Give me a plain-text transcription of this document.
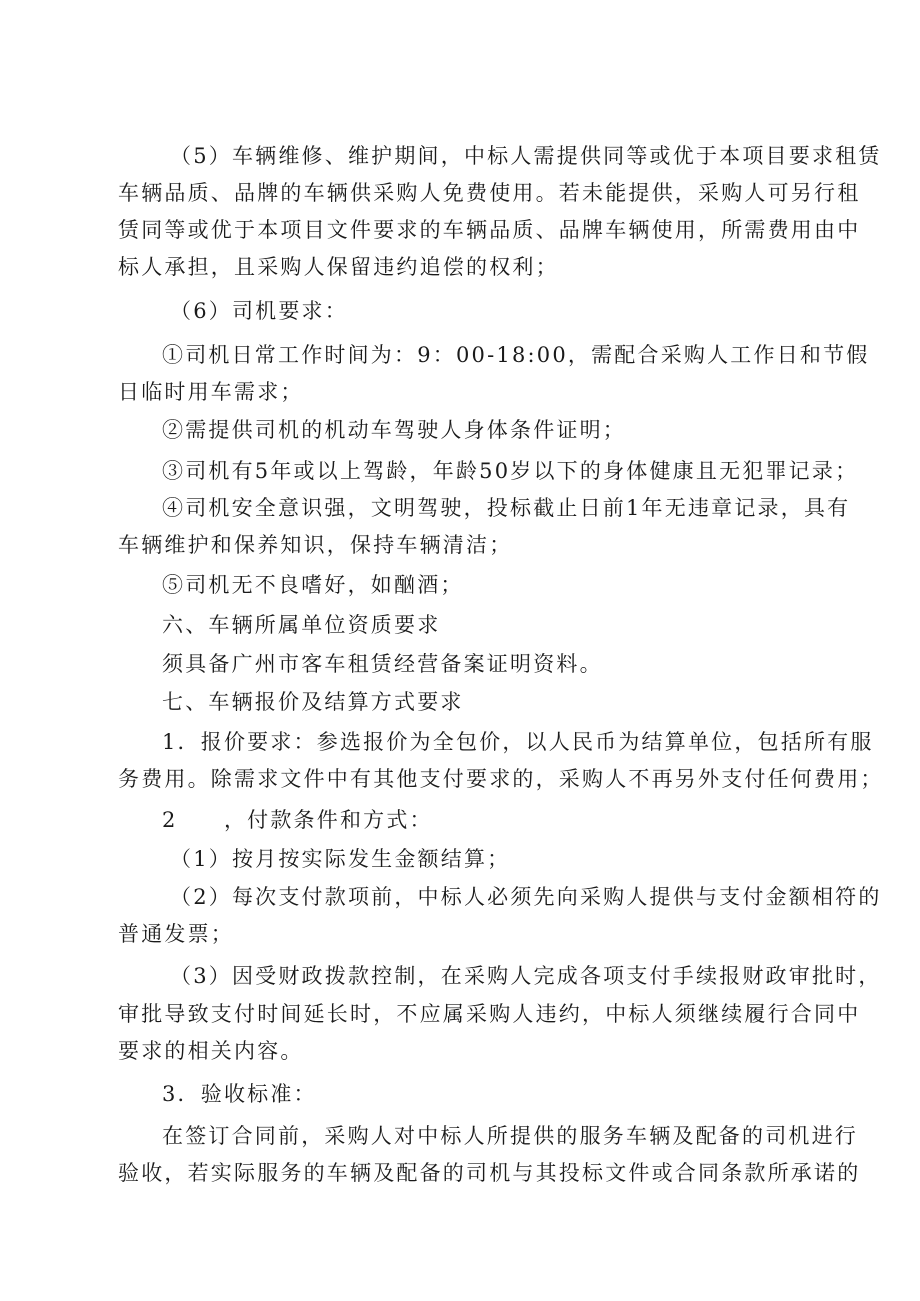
（5）车辆维修、维护期间，中标人需提供同等或优于本项目要求租赁
车辆品质、品牌的车辆供采购人免费使用。若未能提供，采购人可另行租
赁同等或优于本项目文件要求的车辆品质、品牌车辆使用，所需费用由中
标人承担，且采购人保留违约追偿的权利；
（6）司机要求：
①司机日常工作时间为：9：00-18:00，需配合采购人工作日和节假
日临时用车需求；
②需提供司机的机动车驾驶人身体条件证明；
③司机有5年或以上驾龄，年龄50岁以下的身体健康且无犯罪记录；
④司机安全意识强，文明驾驶，投标截止日前1年无违章记录，具有
车辆维护和保养知识，保持车辆清洁；
⑤司机无不良嗜好，如酗酒；
六、车辆所属单位资质要求
须具备广州市客车租赁经营备案证明资料。
七、车辆报价及结算方式要求
1．报价要求：参选报价为全包价，以人民币为结算单位，包括所有服
务费用。除需求文件中有其他支付要求的，采购人不再另外支付任何费用；
2　　，付款条件和方式：
（1）按月按实际发生金额结算；
（2）每次支付款项前，中标人必须先向采购人提供与支付金额相符的
普通发票；
（3）因受财政拨款控制，在采购人完成各项支付手续报财政审批时，
审批导致支付时间延长时，不应属采购人违约，中标人须继续履行合同中
要求的相关内容。
3．验收标准：
在签订合同前，采购人对中标人所提供的服务车辆及配备的司机进行
验收，若实际服务的车辆及配备的司机与其投标文件或合同条款所承诺的
